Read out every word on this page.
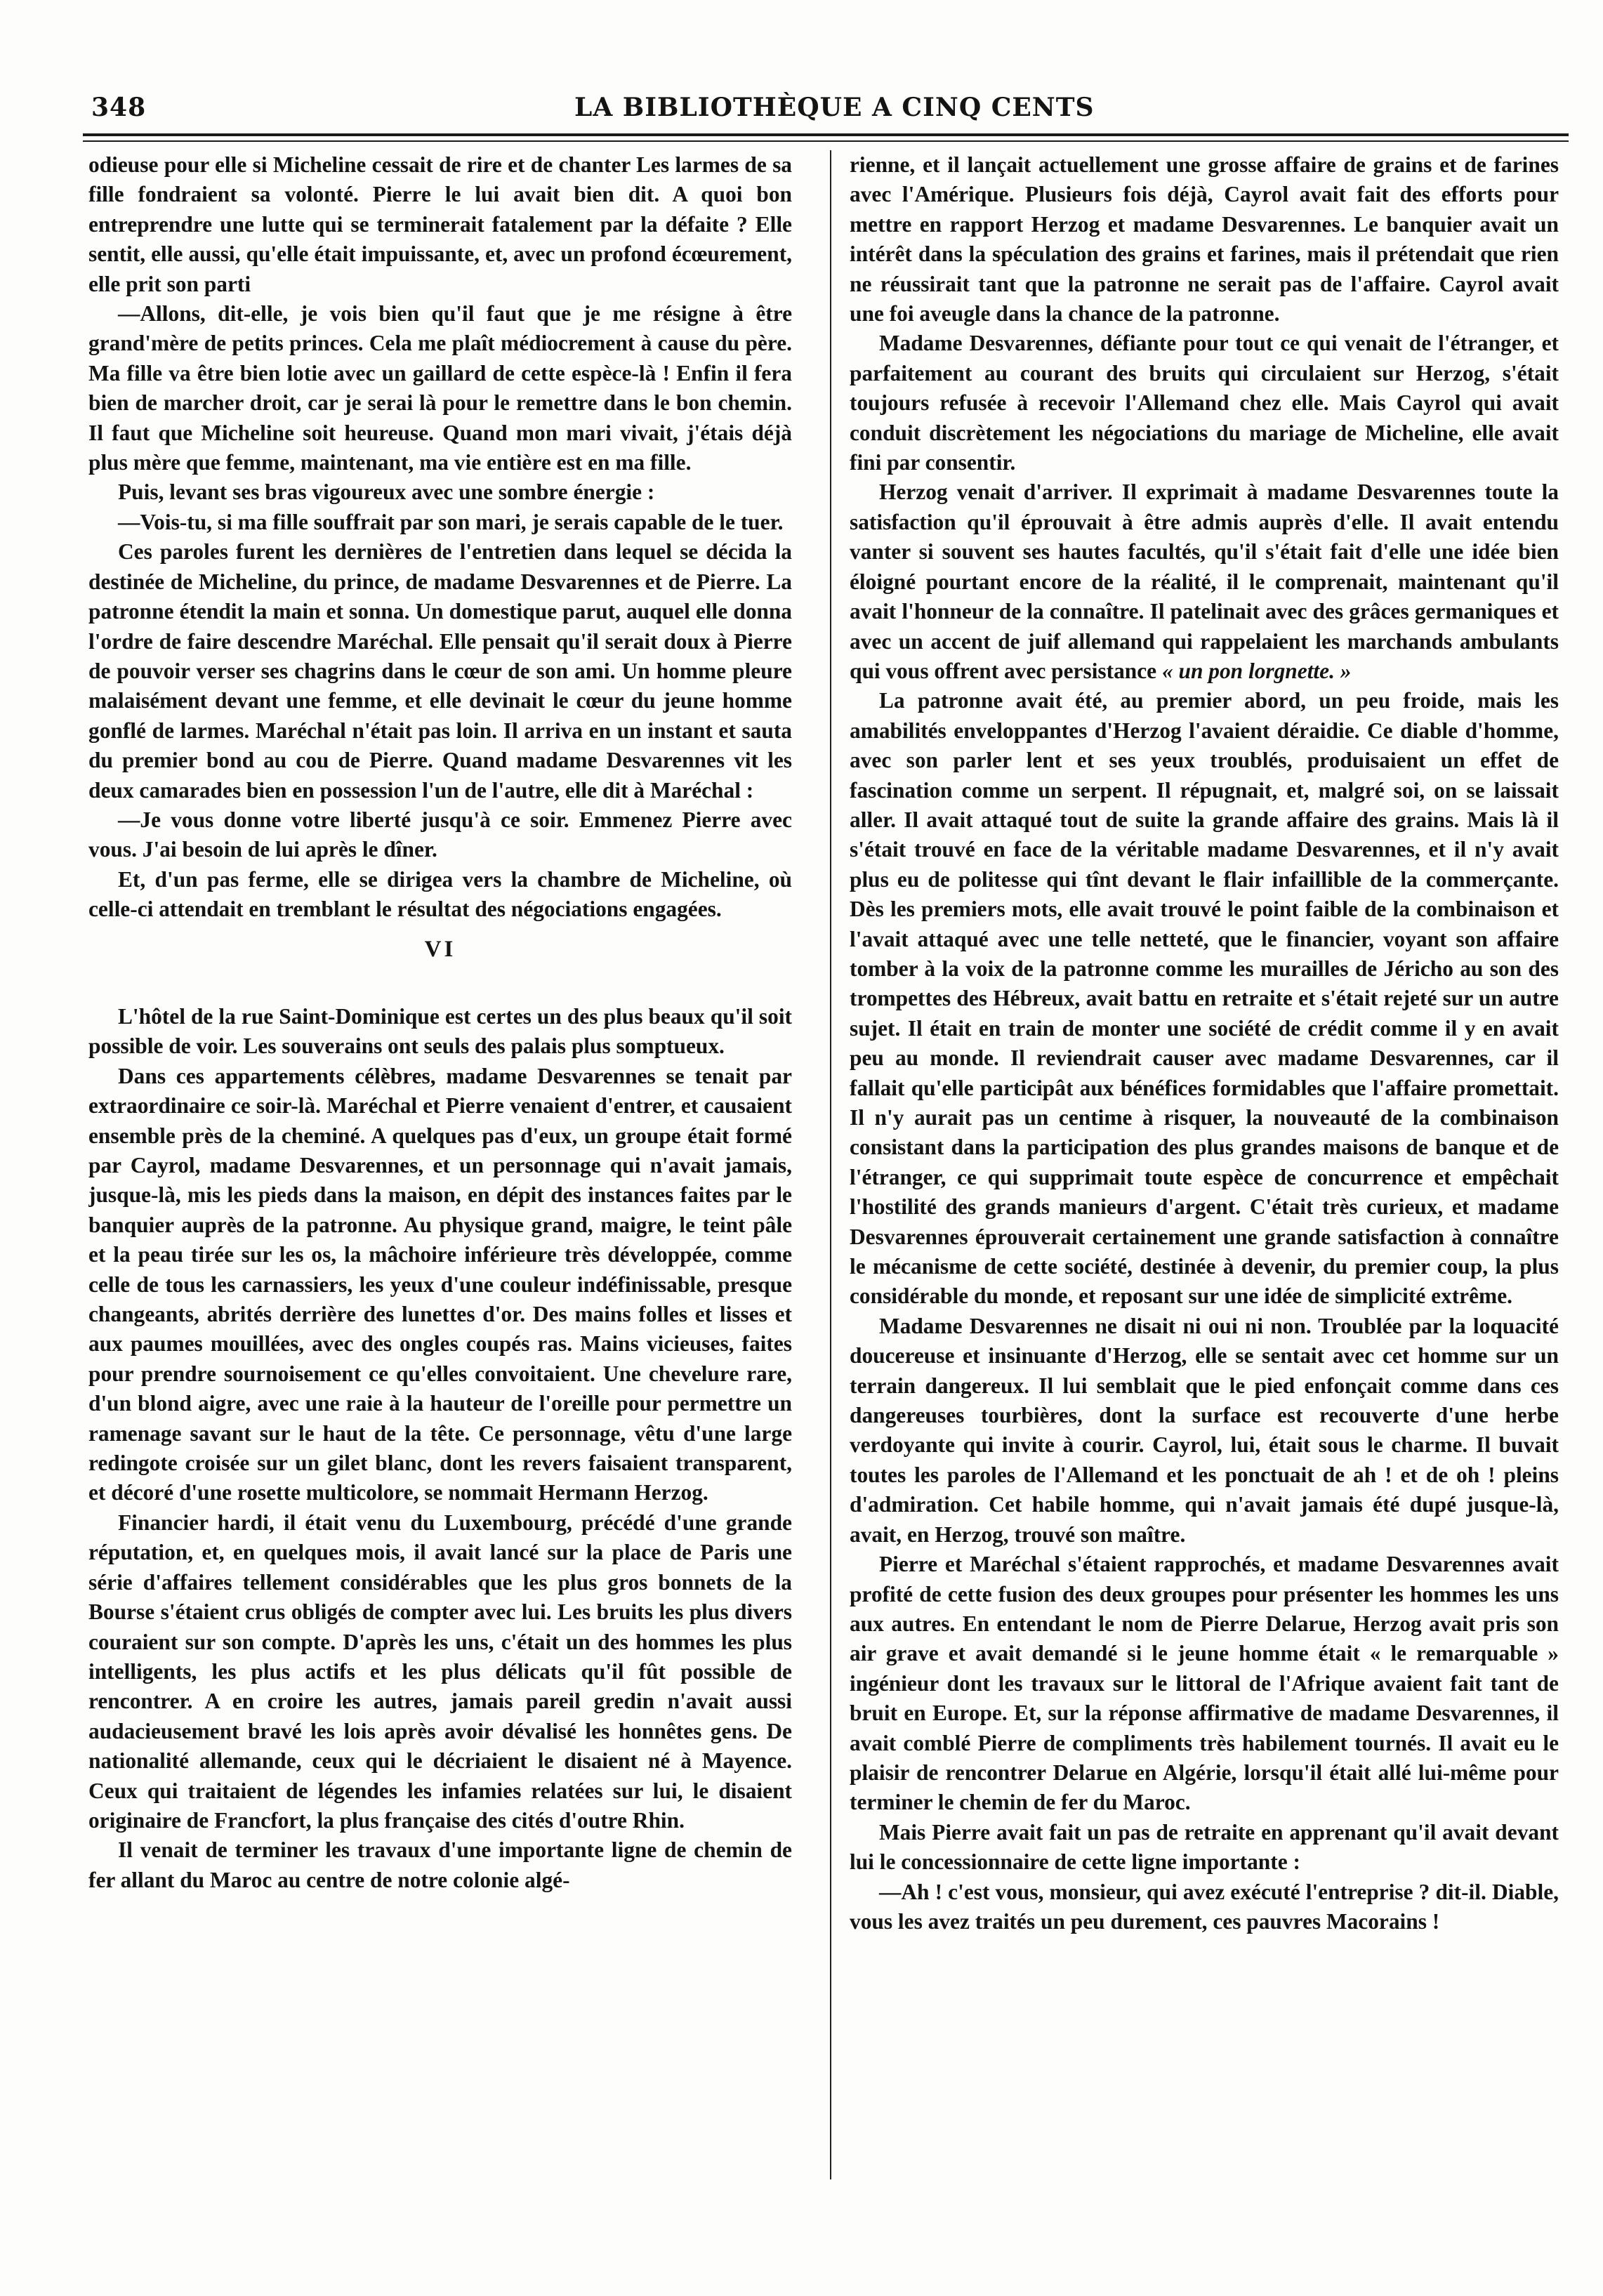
348	LA BIBLIOTHÈQUE A CINQ CENTS

odieuse pour elle si Micheline cessait de rire et de chanter Les larmes de sa fille fondraient sa volonté. Pierre le lui avait bien dit. A quoi bon entreprendre une lutte qui se terminerait fatalement par la défaite ? Elle sentit, elle aussi, qu'elle était impuissante, et, avec un profond écœurement, elle prit son parti

—Allons, dit-elle, je vois bien qu'il faut que je me résigne à être grand'mère de petits princes. Cela me plaît médiocrement à cause du père. Ma fille va être bien lotie avec un gaillard de cette espèce-là ! Enfin il fera bien de marcher droit, car je serai là pour le remettre dans le bon chemin. Il faut que Micheline soit heureuse. Quand mon mari vivait, j'étais déjà plus mère que femme, maintenant, ma vie entière est en ma fille.

Puis, levant ses bras vigoureux avec une sombre énergie :

—Vois-tu, si ma fille souffrait par son mari, je serais capable de le tuer.

Ces paroles furent les dernières de l'entretien dans lequel se décida la destinée de Micheline, du prince, de madame Desvarennes et de Pierre. La patronne étendit la main et sonna. Un domestique parut, auquel elle donna l'ordre de faire descendre Maréchal. Elle pensait qu'il serait doux à Pierre de pouvoir verser ses chagrins dans le cœur de son ami. Un homme pleure malaisément devant une femme, et elle devinait le cœur du jeune homme gonflé de larmes. Maréchal n'était pas loin. Il arriva en un instant et sauta du premier bond au cou de Pierre. Quand madame Desvarennes vit les deux camarades bien en possession l'un de l'autre, elle dit à Maréchal :

—Je vous donne votre liberté jusqu'à ce soir. Emmenez Pierre avec vous. J'ai besoin de lui après le dîner.

Et, d'un pas ferme, elle se dirigea vers la chambre de Micheline, où celle-ci attendait en tremblant le résultat des négociations engagées.

VI

L'hôtel de la rue Saint-Dominique est certes un des plus beaux qu'il soit possible de voir. Les souverains ont seuls des palais plus somptueux.

Dans ces appartements célèbres, madame Desvarennes se tenait par extraordinaire ce soir-là. Maréchal et Pierre venaient d'entrer, et causaient ensemble près de la cheminé. A quelques pas d'eux, un groupe était formé par Cayrol, madame Desvarennes, et un personnage qui n'avait jamais, jusque-là, mis les pieds dans la maison, en dépit des instances faites par le banquier auprès de la patronne. Au physique grand, maigre, le teint pâle et la peau tirée sur les os, la mâchoire inférieure très développée, comme celle de tous les carnassiers, les yeux d'une couleur indéfinissable, presque changeants, abrités derrière des lunettes d'or. Des mains folles et lisses et aux paumes mouillées, avec des ongles coupés ras. Mains vicieuses, faites pour prendre sournoisement ce qu'elles convoitaient. Une chevelure rare, d'un blond aigre, avec une raie à la hauteur de l'oreille pour permettre un ramenage savant sur le haut de la tête. Ce personnage, vêtu d'une large redingote croisée sur un gilet blanc, dont les revers faisaient transparent, et décoré d'une rosette multicolore, se nommait Hermann Herzog.

Financier hardi, il était venu du Luxembourg, précédé d'une grande réputation, et, en quelques mois, il avait lancé sur la place de Paris une série d'affaires tellement considérables que les plus gros bonnets de la Bourse s'étaient crus obligés de compter avec lui. Les bruits les plus divers couraient sur son compte. D'après les uns, c'était un des hommes les plus intelligents, les plus actifs et les plus délicats qu'il fût possible de rencontrer. A en croire les autres, jamais pareil gredin n'avait aussi audacieusement bravé les lois après avoir dévalisé les honnêtes gens. De nationalité allemande, ceux qui le décriaient le disaient né à Mayence. Ceux qui traitaient de légendes les infamies relatées sur lui, le disaient originaire de Francfort, la plus française des cités d'outre Rhin.

Il venait de terminer les travaux d'une importante ligne de chemin de fer allant du Maroc au centre de notre colonie algé-

rienne, et il lançait actuellement une grosse affaire de grains et de farines avec l'Amérique. Plusieurs fois déjà, Cayrol avait fait des efforts pour mettre en rapport Herzog et madame Desvarennes. Le banquier avait un intérêt dans la spéculation des grains et farines, mais il prétendait que rien ne réussirait tant que la patronne ne serait pas de l'affaire. Cayrol avait une foi aveugle dans la chance de la patronne.

Madame Desvarennes, défiante pour tout ce qui venait de l'étranger, et parfaitement au courant des bruits qui circulaient sur Herzog, s'était toujours refusée à recevoir l'Allemand chez elle. Mais Cayrol qui avait conduit discrètement les négociations du mariage de Micheline, elle avait fini par consentir.

Herzog venait d'arriver. Il exprimait à madame Desvarennes toute la satisfaction qu'il éprouvait à être admis auprès d'elle. Il avait entendu vanter si souvent ses hautes facultés, qu'il s'était fait d'elle une idée bien éloigné pourtant encore de la réalité, il le comprenait, maintenant qu'il avait l'honneur de la connaître. Il patelinait avec des grâces germaniques et avec un accent de juif allemand qui rappelaient les marchands ambulants qui vous offrent avec persistance « un pon lorgnette. »

La patronne avait été, au premier abord, un peu froide, mais les amabilités enveloppantes d'Herzog l'avaient déraidie. Ce diable d'homme, avec son parler lent et ses yeux troublés, produisaient un effet de fascination comme un serpent. Il répugnait, et, malgré soi, on se laissait aller. Il avait attaqué tout de suite la grande affaire des grains. Mais là il s'était trouvé en face de la véritable madame Desvarennes, et il n'y avait plus eu de politesse qui tînt devant le flair infaillible de la commerçante. Dès les premiers mots, elle avait trouvé le point faible de la combinaison et l'avait attaqué avec une telle netteté, que le financier, voyant son affaire tomber à la voix de la patronne comme les murailles de Jéricho au son des trompettes des Hébreux, avait battu en retraite et s'était rejeté sur un autre sujet. Il était en train de monter une société de crédit comme il y en avait peu au monde. Il reviendrait causer avec madame Desvarennes, car il fallait qu'elle participât aux bénéfices formidables que l'affaire promettait. Il n'y aurait pas un centime à risquer, la nouveauté de la combinaison consistant dans la participation des plus grandes maisons de banque et de l'étranger, ce qui supprimait toute espèce de concurrence et empêchait l'hostilité des grands manieurs d'argent. C'était très curieux, et madame Desvarennes éprouverait certainement une grande satisfaction à connaître le mécanisme de cette société, destinée à devenir, du premier coup, la plus considérable du monde, et reposant sur une idée de simplicité extrême.

Madame Desvarennes ne disait ni oui ni non. Troublée par la loquacité doucereuse et insinuante d'Herzog, elle se sentait avec cet homme sur un terrain dangereux. Il lui semblait que le pied enfonçait comme dans ces dangereuses tourbières, dont la surface est recouverte d'une herbe verdoyante qui invite à courir. Cayrol, lui, était sous le charme. Il buvait toutes les paroles de l'Allemand et les ponctuait de ah ! et de oh ! pleins d'admiration. Cet habile homme, qui n'avait jamais été dupé jusque-là, avait, en Herzog, trouvé son maître.

Pierre et Maréchal s'étaient rapprochés, et madame Desvarennes avait profité de cette fusion des deux groupes pour présenter les hommes les uns aux autres. En entendant le nom de Pierre Delarue, Herzog avait pris son air grave et avait demandé si le jeune homme était « le remarquable » ingénieur dont les travaux sur le littoral de l'Afrique avaient fait tant de bruit en Europe. Et, sur la réponse affirmative de madame Desvarennes, il avait comblé Pierre de compliments très habilement tournés. Il avait eu le plaisir de rencontrer Delarue en Algérie, lorsqu'il était allé lui-même pour terminer le chemin de fer du Maroc.

Mais Pierre avait fait un pas de retraite en apprenant qu'il avait devant lui le concessionnaire de cette ligne importante :

—Ah ! c'est vous, monsieur, qui avez exécuté l'entreprise ? dit-il. Diable, vous les avez traités un peu durement, ces pauvres Macorains !
